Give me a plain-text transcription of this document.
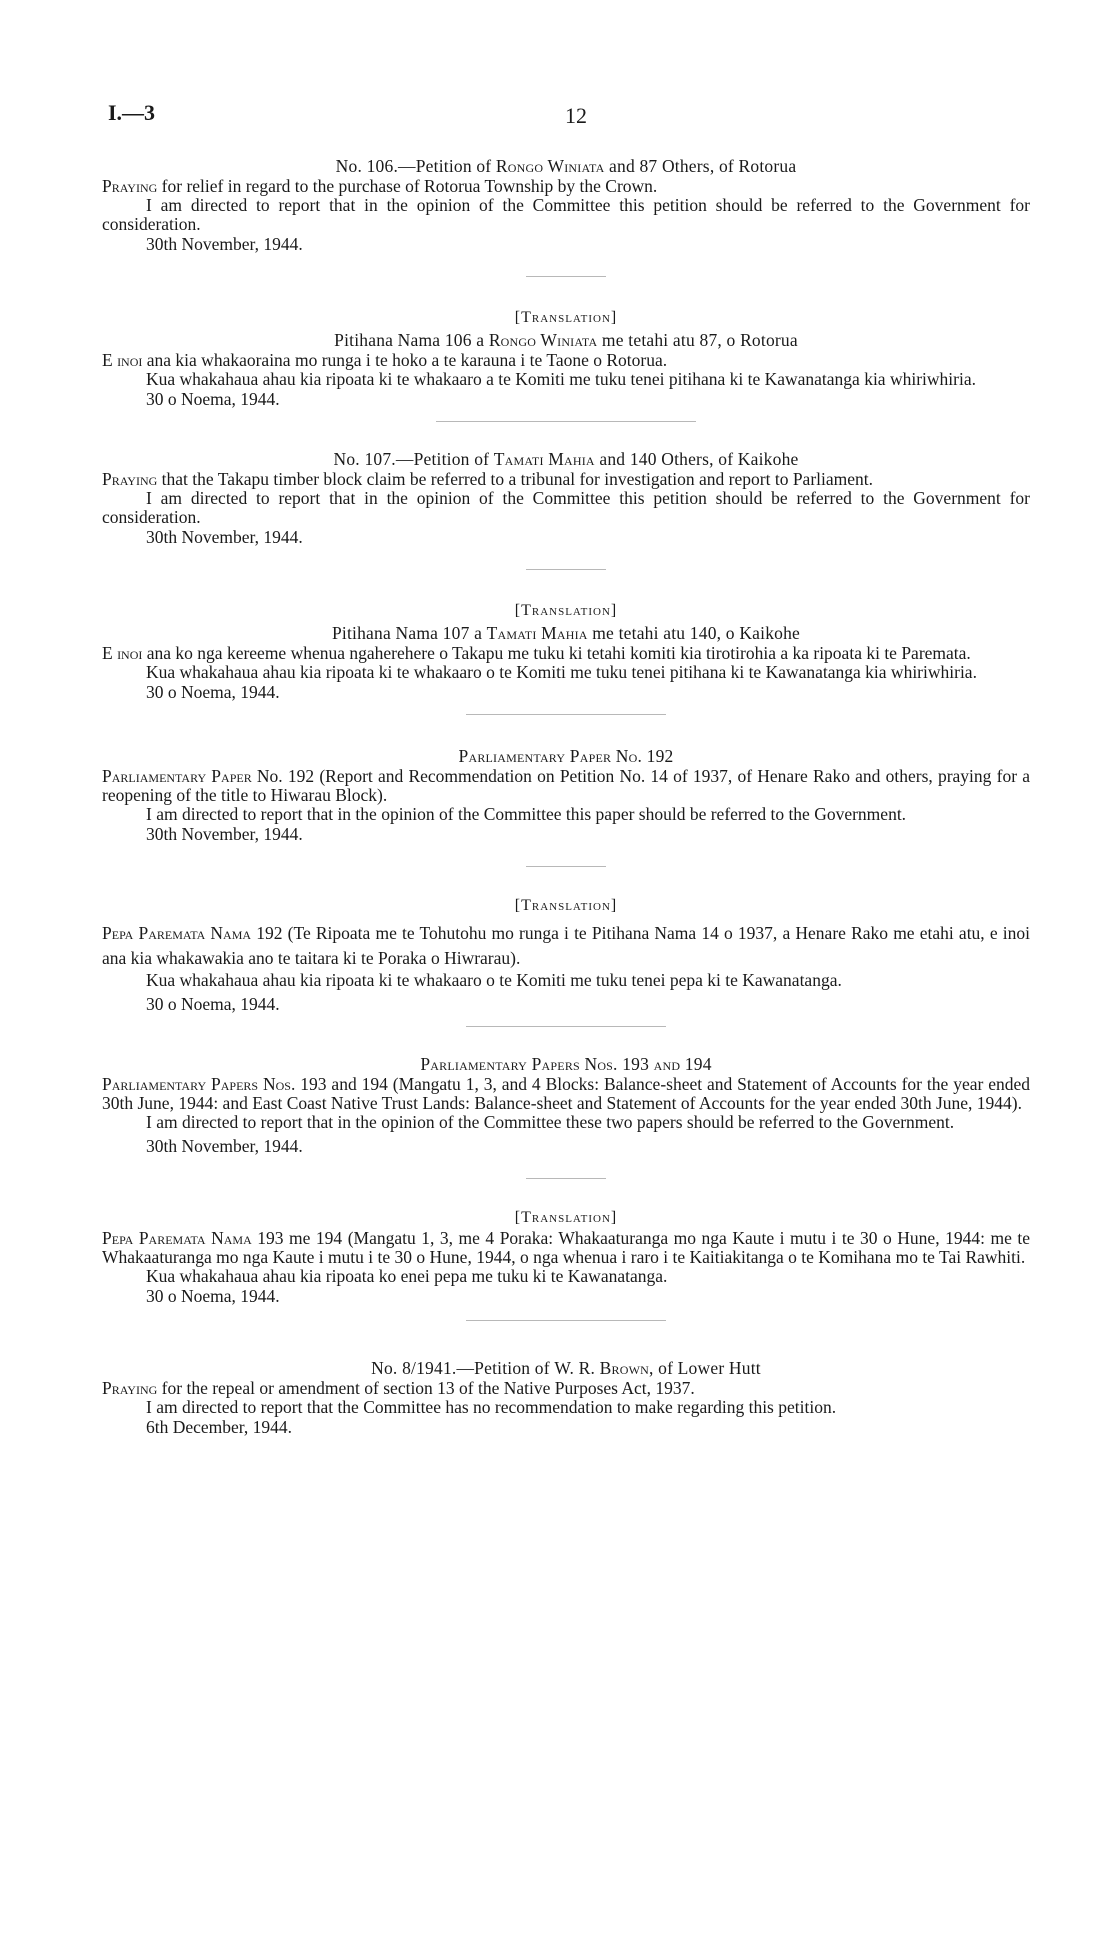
I.—3	12

No. 106.—Petition of Rongo Winiata and 87 Others, of Rotorua

Praying for relief in regard to the purchase of Rotorua Township by the Crown.

I am directed to report that in the opinion of the Committee this petition should be referred to the Government for consideration.

30th November, 1944.

[Translation]

Pitihana Nama 106 a Rongo Winiata me tetahi atu 87, o Rotorua

E inoi ana kia whakaoraina mo runga i te hoko a te karauna i te Taone o Rotorua.

Kua whakahaua ahau kia ripoata ki te whakaaro a te Komiti me tuku tenei pitihana ki te Kawanatanga kia whiriwhiria.

30 o Noema, 1944.

No. 107.—Petition of Tamati Mahia and 140 Others, of Kaikohe

Praying that the Takapu timber block claim be referred to a tribunal for investigation and report to Parliament.

I am directed to report that in the opinion of the Committee this petition should be referred to the Government for consideration.

30th November, 1944.

[Translation]

Pitihana Nama 107 a Tamati Mahia me tetahi atu 140, o Kaikohe

E inoi ana ko nga kereeme whenua ngaherehere o Takapu me tuku ki tetahi komiti kia tirotirohia a ka ripoata ki te Paremata.

Kua whakahaua ahau kia ripoata ki te whakaaro o te Komiti me tuku tenei pitihana ki te Kawanatanga kia whiriwhiria.

30 o Noema, 1944.

Parliamentary Paper No. 192

Parliamentary Paper No. 192 (Report and Recommendation on Petition No. 14 of 1937, of Henare Rako and others, praying for a reopening of the title to Hiwarau Block).

I am directed to report that in the opinion of the Committee this paper should be referred to the Government.

30th November, 1944.

[Translation]

Pepa Paremata Nama 192 (Te Ripoata me te Tohutohu mo runga i te Pitihana Nama 14 o 1937, a Henare Rako me etahi atu, e inoi ana kia whakawakia ano te taitara ki te Poraka o Hiwrarau).

Kua whakahaua ahau kia ripoata ki te whakaaro o te Komiti me tuku tenei pepa ki te Kawanatanga.

30 o Noema, 1944.

Parliamentary Papers Nos. 193 and 194

Parliamentary Papers Nos. 193 and 194 (Mangatu 1, 3, and 4 Blocks: Balance-sheet and Statement of Accounts for the year ended 30th June, 1944: and East Coast Native Trust Lands: Balance-sheet and Statement of Accounts for the year ended 30th June, 1944).

I am directed to report that in the opinion of the Committee these two papers should be referred to the Government.

30th November, 1944.

[Translation]

Pepa Paremata Nama 193 me 194 (Mangatu 1, 3, me 4 Poraka: Whakaaturanga mo nga Kaute i mutu i te 30 o Hune, 1944: me te Whakaaturanga mo nga Kaute i mutu i te 30 o Hune, 1944, o nga whenua i raro i te Kaitiakitanga o te Komihana mo te Tai Rawhiti.

Kua whakahaua ahau kia ripoata ko enei pepa me tuku ki te Kawanatanga.

30 o Noema, 1944.

No. 8/1941.—Petition of W. R. Brown, of Lower Hutt

Praying for the repeal or amendment of section 13 of the Native Purposes Act, 1937.

I am directed to report that the Committee has no recommendation to make regarding this petition.

6th December, 1944.
